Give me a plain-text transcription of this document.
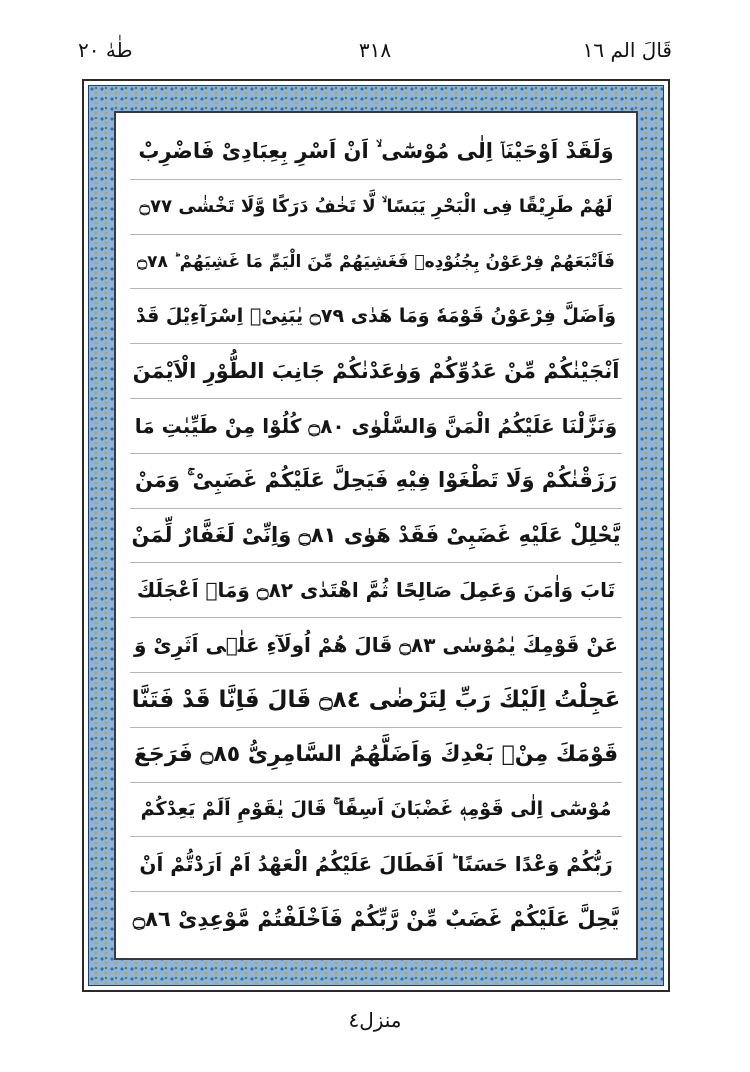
قَالَ الم ١٦
٣١٨
طٰهٰ ٢٠
وَلَقَدْ اَوْحَيْنَاۤ اِلٰى مُوْسٰٓى ۙ اَنْ اَسْرِ بِعِبَادِىْ فَاضْرِبْ
لَهُمْ طَرِيْقًا فِى الْبَحْرِ يَبَسًا ۙ لَّا تَخٰفُ دَرَكًا وَّلَا تَخْشٰى ۝٧٧
فَاَتْبَعَهُمْ فِرْعَوْنُ بِجُنُوْدِهٖ فَغَشِيَهُمْ مِّنَ الْيَمِّ مَا غَشِيَهُمْ ؕ ۝٧٨
وَاَضَلَّ فِرْعَوْنُ قَوْمَهٗ وَمَا هَدٰى ۝٧٩ يٰبَنِىْۤ اِسْرَآءِيْلَ قَدْ
اَنْجَيْنٰكُمْ مِّنْ عَدُوِّكُمْ وَوٰعَدْنٰكُمْ جَانِبَ الطُّوْرِ الْاَيْمَنَ
وَنَزَّلْنَا عَلَيْكُمُ الْمَنَّ وَالسَّلْوٰى ۝٨٠ كُلُوْا مِنْ طَيِّبٰتِ مَا
رَزَقْنٰكُمْ وَلَا تَطْغَوْا فِيْهِ فَيَحِلَّ عَلَيْكُمْ غَضَبِىْ ۚ وَمَنْ
يَّحْلِلْ عَلَيْهِ غَضَبِىْ فَقَدْ هَوٰى ۝٨١ وَاِنِّىْ لَغَفَّارٌ لِّمَنْ
تَابَ وَاٰمَنَ وَعَمِلَ صَالِحًا ثُمَّ اهْتَدٰى ۝٨٢ وَمَاۤ اَعْجَلَكَ
عَنْ قَوْمِكَ يٰمُوْسٰى ۝٨٣ قَالَ هُمْ اُولَآءِ عَلٰۤى اَثَرِىْ وَ
عَجِلْتُ اِلَيْكَ رَبِّ لِتَرْضٰى ۝٨٤ قَالَ فَاِنَّا قَدْ فَتَنَّا
قَوْمَكَ مِنْۢ بَعْدِكَ وَاَضَلَّهُمُ السَّامِرِىُّ ۝٨٥ فَرَجَعَ
مُوْسٰٓى اِلٰى قَوْمِهٖ غَضْبَانَ اَسِفًا ۚ قَالَ يٰقَوْمِ اَلَمْ يَعِدْكُمْ
رَبُّكُمْ وَعْدًا حَسَنًا ؕ اَفَطَالَ عَلَيْكُمُ الْعَهْدُ اَمْ اَرَدْتُّمْ اَنْ
يَّحِلَّ عَلَيْكُمْ غَضَبٌ مِّنْ رَّبِّكُمْ فَاَخْلَفْتُمْ مَّوْعِدِىْ ۝٨٦
منزل٤
